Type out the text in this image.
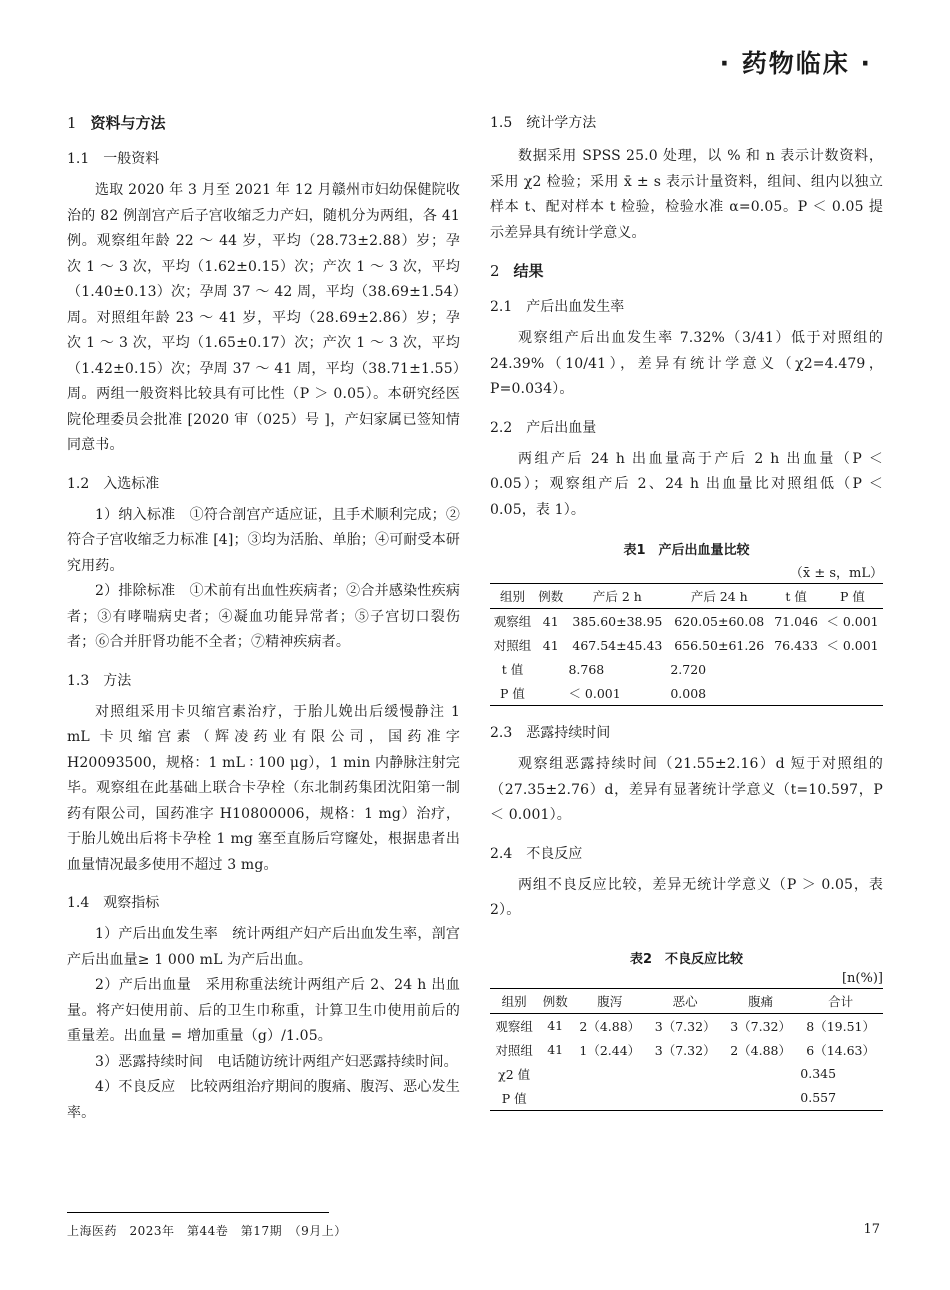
· 药物临床 ·
1 资料与方法
1.1 一般资料

选取 2020 年 3 月至 2021 年 12 月赣州市妇幼保健院收治的 82 例剖宫产后子宫收缩乏力产妇，随机分为两组，各 41 例。观察组年龄 22 ～ 44 岁，平均（28.73±2.88）岁；孕次 1 ～ 3 次，平均（1.62±0.15）次；产次 1 ～ 3 次，平均（1.40±0.13）次；孕周 37 ～ 42 周，平均（38.69±1.54）周。对照组年龄 23 ～ 41 岁，平均（28.69±2.86）岁；孕次 1 ～ 3 次，平均（1.65±0.17）次；产次 1 ～ 3 次，平均（1.42±0.15）次；孕周 37 ～ 41 周，平均（38.71±1.55）周。两组一般资料比较具有可比性（P ＞ 0.05）。本研究经医院伦理委员会批准 [2020 审（025）号 ]，产妇家属已签知情同意书。

1.2 入选标准

1）纳入标准　①符合剖宫产适应证，且手术顺利完成；②符合子宫收缩乏力标准 [4]；③均为活胎、单胎；④可耐受本研究用药。

2）排除标准　①术前有出血性疾病者；②合并感染性疾病者；③有哮喘病史者；④凝血功能异常者；⑤子宫切口裂伤者；⑥合并肝肾功能不全者；⑦精神疾病者。

1.3 方法

对照组采用卡贝缩宫素治疗，于胎儿娩出后缓慢静注 1 mL 卡贝缩宫素（辉凌药业有限公司，国药准字 H20093500，规格：1 mL ∶ 100 μg），1 min 内静脉注射完毕。观察组在此基础上联合卡孕栓（东北制药集团沈阳第一制药有限公司，国药准字 H10800006，规格：1 mg）治疗，于胎儿娩出后将卡孕栓 1 mg 塞至直肠后穹窿处，根据患者出血量情况最多使用不超过 3 mg。

1.4 观察指标

1）产后出血发生率　统计两组产妇产后出血发生率，剖宫产后出血量≥ 1 000 mL 为产后出血。

2）产后出血量　采用称重法统计两组产后 2、24 h 出血量。将产妇使用前、后的卫生巾称重，计算卫生巾使用前后的重量差。出血量 = 增加重量（g）/1.05。

3）恶露持续时间　电话随访统计两组产妇恶露持续时间。

4）不良反应　比较两组治疗期间的腹痛、腹泻、恶心发生率。

1.5 统计学方法

数据采用 SPSS 25.0 处理，以 % 和 n 表示计数资料，采用 χ2 检验；采用 x̄ ± s 表示计量资料，组间、组内以独立样本 t、配对样本 t 检验，检验水准 α=0.05。P ＜ 0.05 提示差异具有统计学意义。

2 结果
2.1 产后出血发生率

观察组产后出血发生率 7.32%（3/41）低于对照组的 24.39%（10/41），差异有统计学意义（χ2=4.479，P=0.034）。

2.2 产后出血量

两组产后 24 h 出血量高于产后 2 h 出血量（P ＜ 0.05）；观察组产后 2、24 h 出血量比对照组低（P ＜ 0.05，表 1）。

表1　产后出血量比较
（x̄ ± s，mL）
组别	例数	产后 2 h	产后 24 h	t 值	P 值
观察组	41	385.60±38.95	620.05±60.08	71.046	＜ 0.001
对照组	41	467.54±45.43	656.50±61.26	76.433	＜ 0.001
t 值		8.768	2.720		
P 值		＜ 0.001	0.008		
2.3 恶露持续时间

观察组恶露持续时间（21.55±2.16）d 短于对照组的（27.35±2.76）d，差异有显著统计学意义（t=10.597，P ＜ 0.001）。

2.4 不良反应

两组不良反应比较，差异无统计学意义（P ＞ 0.05，表 2）。

表2　不良反应比较
[n(%)]
组别	例数	腹泻	恶心	腹痛	合计
观察组	41	2（4.88）	3（7.32）	3（7.32）	8（19.51）
对照组	41	1（2.44）	3（7.32）	2（4.88）	6（14.63）
χ2 值					0.345
P 值					0.557
上海医药　2023年　第44卷　第17期　（9月上）	17
